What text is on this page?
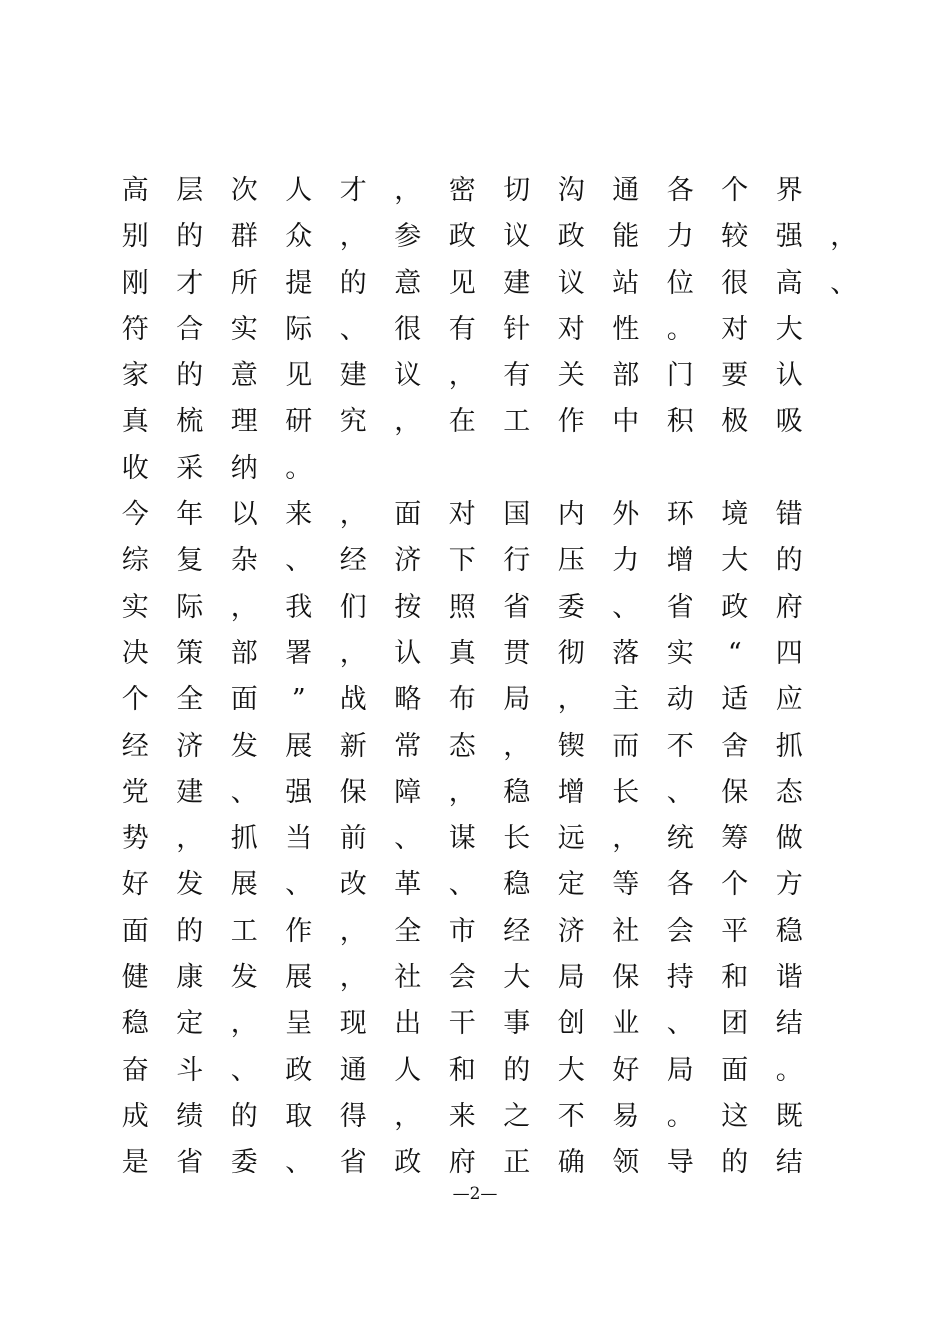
高	层	次	人	才	，	密	切	沟	通	各	个	界
别	的	群	众	，	参	政	议	政	能	力	较	强	，
刚	才	所	提	的	意	见	建	议	站	位	很	高	、
符	合	实	际	、	很	有	针	对	性	。	对	大
家	的	意	见	建	议	，	有	关	部	门	要	认
真	梳	理	研	究	，	在	工	作	中	积	极	吸
收	采	纳	。
今	年	以	来	，	面	对	国	内	外	环	境	错
综	复	杂	、	经	济	下	行	压	力	增	大	的
实	际	，	我	们	按	照	省	委	、	省	政	府
决	策	部	署	，	认	真	贯	彻	落	实	“	四
个	全	面	”	战	略	布	局	，	主	动	适	应
经	济	发	展	新	常	态	，	锲	而	不	舍	抓
党	建	、	强	保	障	，	稳	增	长	、	保	态
势	，	抓	当	前	、	谋	长	远	，	统	筹	做
好	发	展	、	改	革	、	稳	定	等	各	个	方
面	的	工	作	，	全	市	经	济	社	会	平	稳
健	康	发	展	，	社	会	大	局	保	持	和	谐
稳	定	，	呈	现	出	干	事	创	业	、	团	结
奋	斗	、	政	通	人	和	的	大	好	局	面	。
成	绩	的	取	得	，	来	之	不	易	。	这	既
是	省	委	、	省	政	府	正	确	领	导	的	结
—2—
